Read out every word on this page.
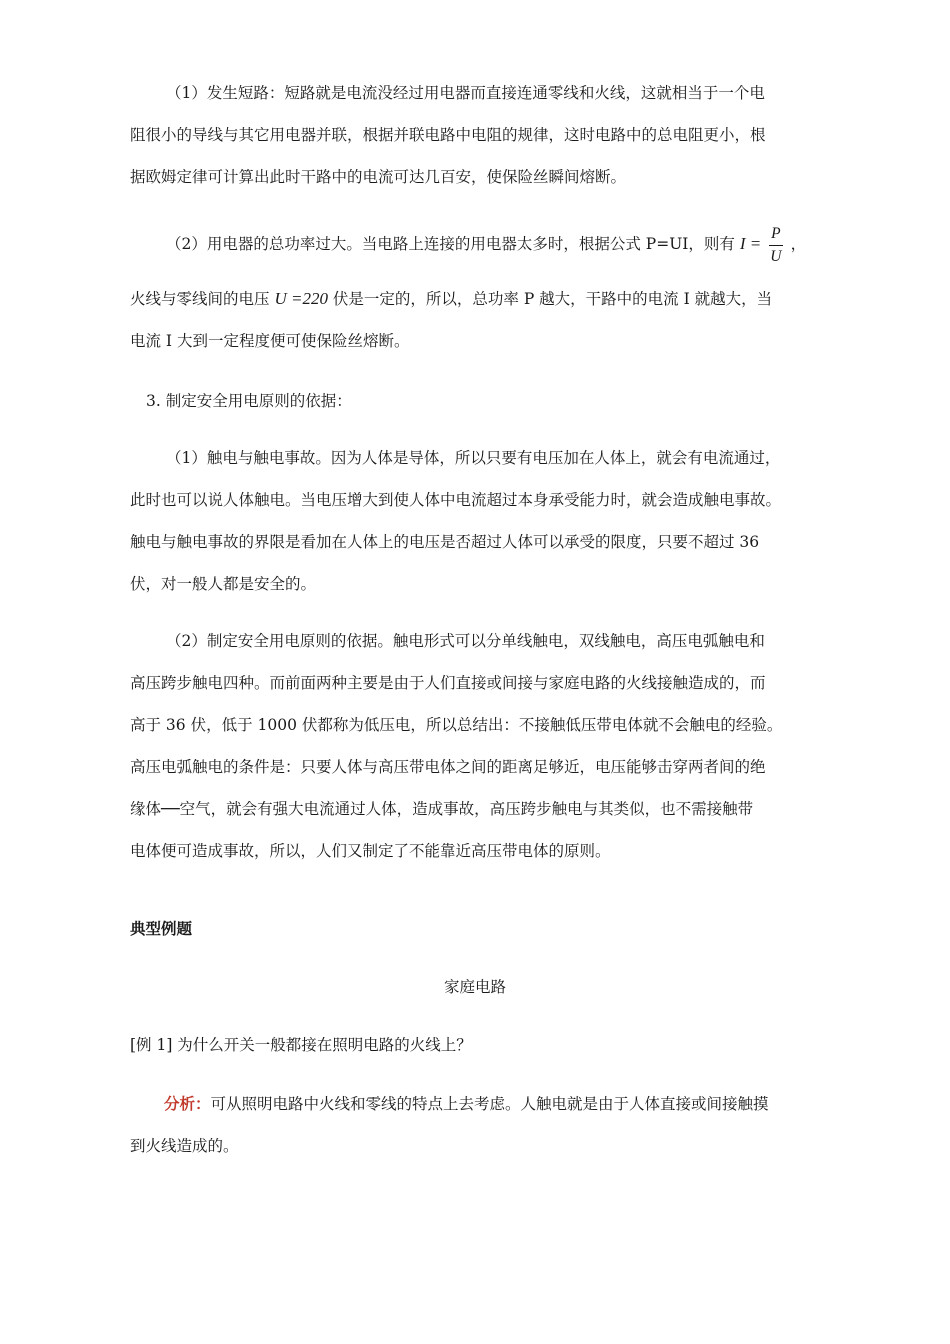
（1）发生短路：短路就是电流没经过用电器而直接连通零线和火线，这就相当于一个电
阻很小的导线与其它用电器并联，根据并联电路中电阻的规律，这时电路中的总电阻更小，根
据欧姆定律可计算出此时干路中的电流可达几百安，使保险丝瞬间熔断。
（2）用电器的总功率过大。当电路上连接的用电器太多时，根据公式 P=UI，则有 $I = \frac{P}{U}$ ，
火线与零线间的电压 U =220 伏是一定的，所以，总功率 P 越大，干路中的电流 I 就越大，当
电流 I 大到一定程度便可使保险丝熔断。
3. 制定安全用电原则的依据：
（1）触电与触电事故。因为人体是导体，所以只要有电压加在人体上，就会有电流通过，
此时也可以说人体触电。当电压增大到使人体中电流超过本身承受能力时，就会造成触电事故。
触电与触电事故的界限是看加在人体上的电压是否超过人体可以承受的限度，只要不超过 36
伏，对一般人都是安全的。
（2）制定安全用电原则的依据。触电形式可以分单线触电，双线触电，高压电弧触电和
高压跨步触电四种。而前面两种主要是由于人们直接或间接与家庭电路的火线接触造成的，而
高于 36 伏，低于 1000 伏都称为低压电，所以总结出：不接触低压带电体就不会触电的经验。
高压电弧触电的条件是：只要人体与高压带电体之间的距离足够近，电压能够击穿两者间的绝
缘体──空气，就会有强大电流通过人体，造成事故，高压跨步触电与其类似，也不需接触带
电体便可造成事故，所以，人们又制定了不能靠近高压带电体的原则。
典型例题
家庭电路
[例 1] 为什么开关一般都接在照明电路的火线上？
分析：可从照明电路中火线和零线的特点上去考虑。人触电就是由于人体直接或间接触摸
到火线造成的。
